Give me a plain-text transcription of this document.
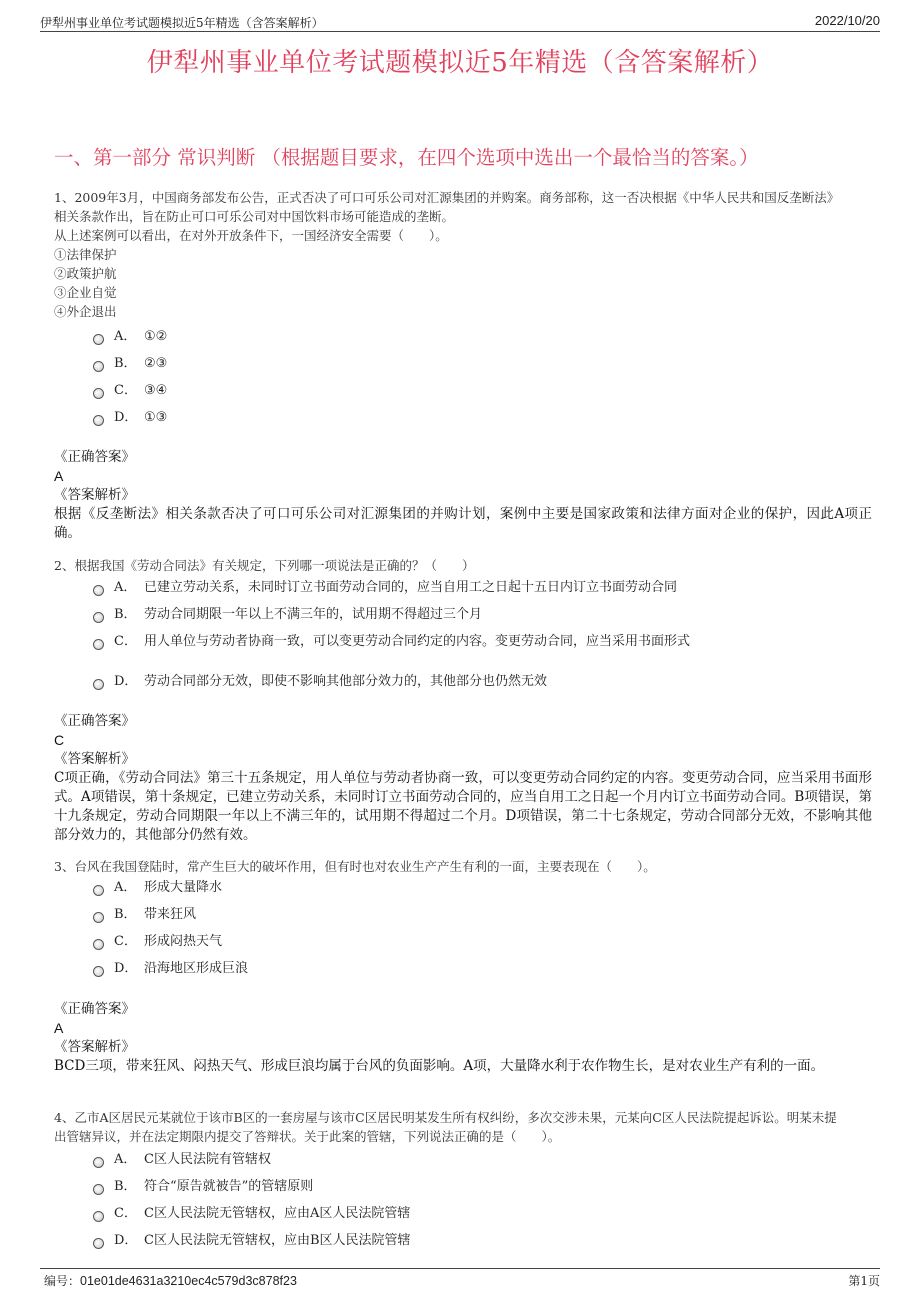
伊犁州事业单位考试题模拟近5年精选（含答案解析）	2022/10/20
伊犁州事业单位考试题模拟近5年精选（含答案解析）
一、第一部分 常识判断 （根据题目要求，在四个选项中选出一个最恰当的答案。）

1、2009年3月，中国商务部发布公告，正式否决了可口可乐公司对汇源集团的并购案。商务部称，这一否决根据《中华人民共和国反垄断法》

相关条款作出，旨在防止可口可乐公司对中国饮料市场可能造成的垄断。

从上述案例可以看出，在对外开放条件下，一国经济安全需要（　　）。

①法律保护

②政策护航

③企业自觉

④外企退出

A． ①②
B． ②③
C． ③④
D． ①③
《正确答案》
A
《答案解析》
根据《反垄断法》相关条款否决了可口可乐公司对汇源集团的并购计划，案例中主要是国家政策和法律方面对企业的保护，因此A项正确。

2、根据我国《劳动合同法》有关规定，下列哪一项说法是正确的？（　　）

A． 已建立劳动关系，未同时订立书面劳动合同的，应当自用工之日起十五日内订立书面劳动合同
B． 劳动合同期限一年以上不满三年的，试用期不得超过三个月
C． 用人单位与劳动者协商一致，可以变更劳动合同约定的内容。变更劳动合同，应当采用书面形式
D． 劳动合同部分无效，即使不影响其他部分效力的，其他部分也仍然无效
《正确答案》
C
《答案解析》
C项正确，《劳动合同法》第三十五条规定，用人单位与劳动者协商一致，可以变更劳动合同约定的内容。变更劳动合同，应当采用书面形式。A项错误，第十条规定，已建立劳动关系，未同时订立书面劳动合同的，应当自用工之日起一个月内订立书面劳动合同。B项错误，第十九条规定，劳动合同期限一年以上不满三年的，试用期不得超过二个月。D项错误，第二十七条规定，劳动合同部分无效，不影响其他部分效力的，其他部分仍然有效。

3、台风在我国登陆时，常产生巨大的破坏作用，但有时也对农业生产产生有利的一面，主要表现在（　　）。

A． 形成大量降水
B． 带来狂风
C． 形成闷热天气
D． 沿海地区形成巨浪
《正确答案》
A
《答案解析》
BCD三项，带来狂风、闷热天气、形成巨浪均属于台风的负面影响。A项，大量降水利于农作物生长，是对农业生产有利的一面。

4、乙市A区居民元某就位于该市B区的一套房屋与该市C区居民明某发生所有权纠纷，多次交涉未果，元某向C区人民法院提起诉讼。明某未提

出管辖异议，并在法定期限内提交了答辩状。关于此案的管辖，下列说法正确的是（　　）。

A． C区人民法院有管辖权
B． 符合“原告就被告”的管辖原则
C． C区人民法院无管辖权，应由A区人民法院管辖
D． C区人民法院无管辖权，应由B区人民法院管辖
编号：01e01de4631a3210ec4c579d3c878f23	第1页
